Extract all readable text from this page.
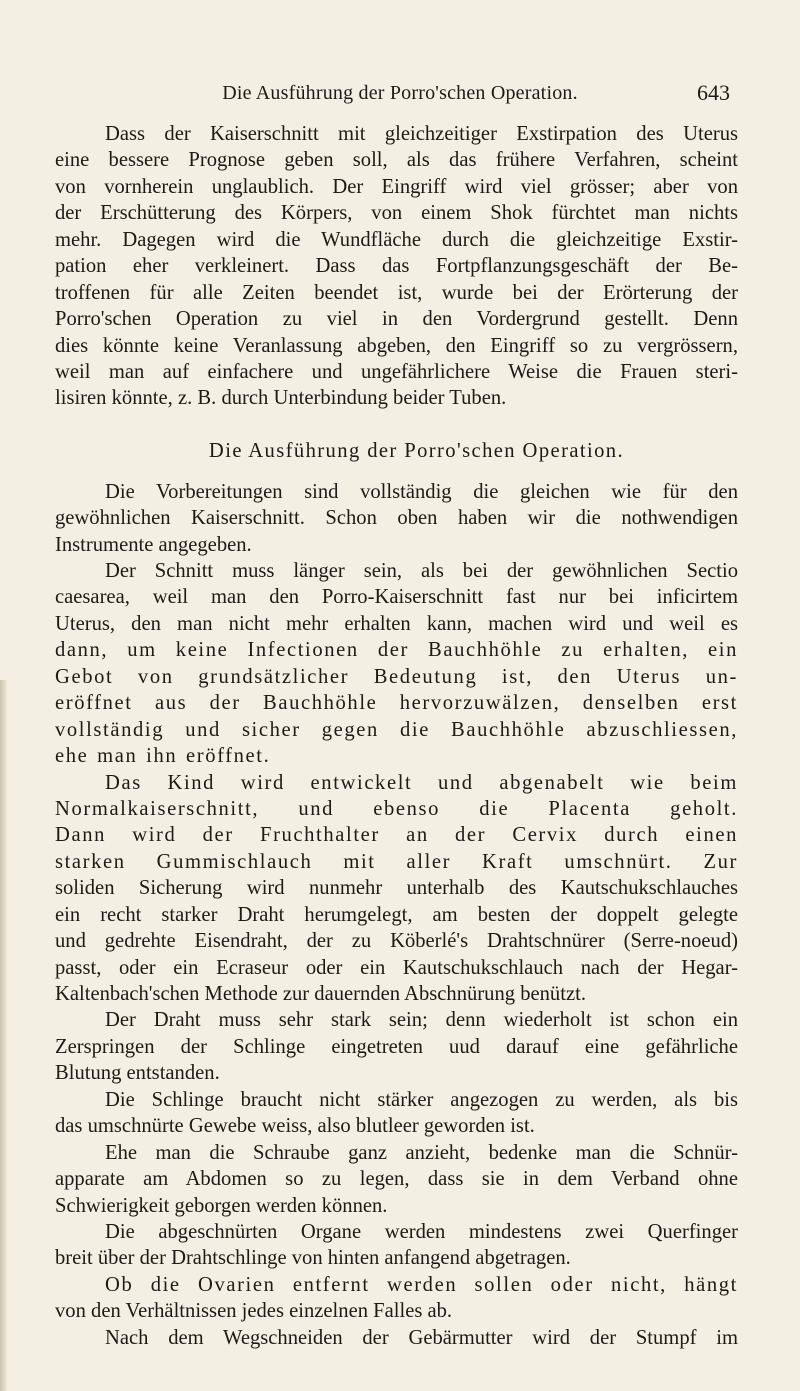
Die Ausführung der Porro'schen Operation.	643
Dass der Kaiserschnitt mit gleichzeitiger Exstirpation des Uterus
eine bessere Prognose geben soll, als das frühere Verfahren, scheint
von vornherein unglaublich. Der Eingriff wird viel grösser; aber von
der Erschütterung des Körpers, von einem Shok fürchtet man nichts
mehr. Dagegen wird die Wundfläche durch die gleichzeitige Exstir-
pation eher verkleinert. Dass das Fortpflanzungsgeschäft der Be-
troffenen für alle Zeiten beendet ist, wurde bei der Erörterung der
Porro'schen Operation zu viel in den Vordergrund gestellt. Denn
dies könnte keine Veranlassung abgeben, den Eingriff so zu vergrössern,
weil man auf einfachere und ungefährlichere Weise die Frauen steri-
lisiren könnte, z. B. durch Unterbindung beider Tuben.
Die Ausführung der Porro'schen Operation.
Die Vorbereitungen sind vollständig die gleichen wie für den
gewöhnlichen Kaiserschnitt. Schon oben haben wir die nothwendigen
Instrumente angegeben.
Der Schnitt muss länger sein, als bei der gewöhnlichen Sectio
caesarea, weil man den Porro-Kaiserschnitt fast nur bei inficirtem
Uterus, den man nicht mehr erhalten kann, machen wird und weil es
dann, um keine Infectionen der Bauchhöhle zu erhalten, ein
Gebot von grundsätzlicher Bedeutung ist, den Uterus un-
eröffnet aus der Bauchhöhle hervorzuwälzen, denselben erst
vollständig und sicher gegen die Bauchhöhle abzuschliessen,
ehe man ihn eröffnet.
Das Kind wird entwickelt und abgenabelt wie beim
Normalkaiserschnitt, und ebenso die Placenta geholt.
Dann wird der Fruchthalter an der Cervix durch einen
starken Gummischlauch mit aller Kraft umschnürt. Zur
soliden Sicherung wird nunmehr unterhalb des Kautschukschlauches
ein recht starker Draht herumgelegt, am besten der doppelt gelegte
und gedrehte Eisendraht, der zu Köberlé's Drahtschnürer (Serre-noeud)
passt, oder ein Ecraseur oder ein Kautschukschlauch nach der Hegar-
Kaltenbach'schen Methode zur dauernden Abschnürung benützt.
Der Draht muss sehr stark sein; denn wiederholt ist schon ein
Zerspringen der Schlinge eingetreten uud darauf eine gefährliche
Blutung entstanden.
Die Schlinge braucht nicht stärker angezogen zu werden, als bis
das umschnürte Gewebe weiss, also blutleer geworden ist.
Ehe man die Schraube ganz anzieht, bedenke man die Schnür-
apparate am Abdomen so zu legen, dass sie in dem Verband ohne
Schwierigkeit geborgen werden können.
Die abgeschnürten Organe werden mindestens zwei Querfinger
breit über der Drahtschlinge von hinten anfangend abgetragen.
Ob die Ovarien entfernt werden sollen oder nicht, hängt
von den Verhältnissen jedes einzelnen Falles ab.
Nach dem Wegschneiden der Gebärmutter wird der Stumpf im
